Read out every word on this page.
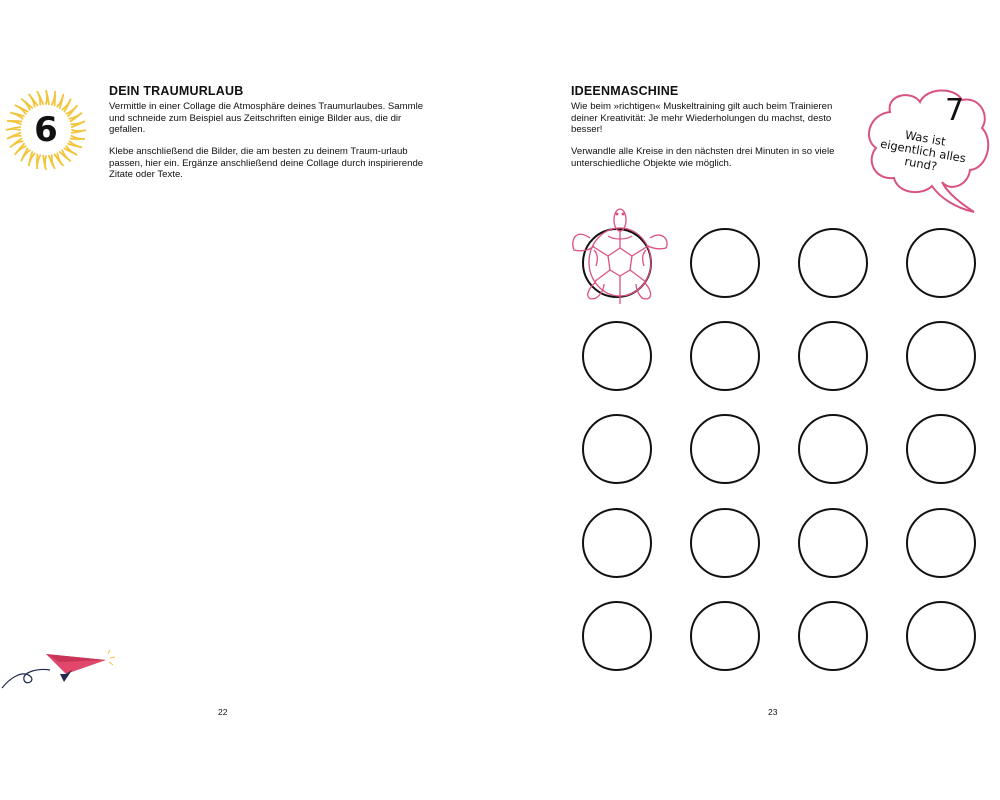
6
DEIN TRAUMURLAUB

Vermittle in einer Collage die Atmosphäre deines Traumurlaubes. Sammle und schneide zum Beispiel aus Zeitschriften einige Bilder aus, die dir gefallen.

Klebe anschließend die Bilder, die am besten zu deinem Traum-urlaub passen, hier ein. Ergänze anschließend deine Collage durch inspirierende Zitate oder Texte.

22
IDEENMASCHINE

Wie beim »richtigen« Muskeltraining gilt auch beim Trainieren deiner Kreativität: Je mehr Wiederholungen du machst, desto besser!

Verwandle alle Kreise in den nächsten drei Minuten in so viele unterschiedliche Objekte wie möglich.

7
Was ist eigentlich alles rund?
23
